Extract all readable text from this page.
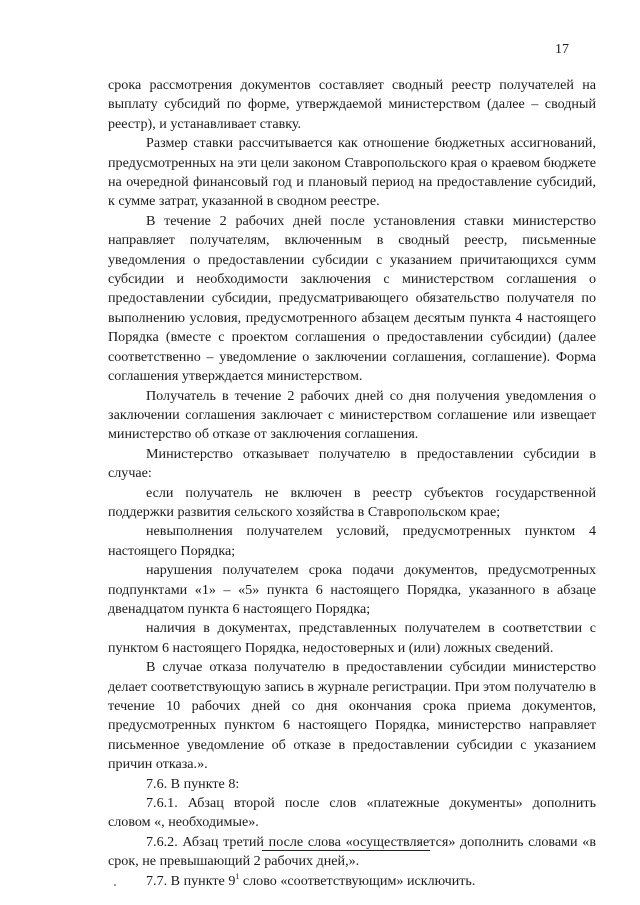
17

срока рассмотрения документов составляет сводный реестр получателей на выплату субсидий по форме, утверждаемой министерством (далее – сводный реестр), и устанавливает ставку.

Размер ставки рассчитывается как отношение бюджетных ассигнований, предусмотренных на эти цели законом Ставропольского края о краевом бюджете на очередной финансовый год и плановый период на предоставление субсидий, к сумме затрат, указанной в сводном реестре.

В течение 2 рабочих дней после установления ставки министерство направляет получателям, включенным в сводный реестр, письменные уведомления о предоставлении субсидии с указанием причитающихся сумм субсидии и необходимости заключения с министерством соглашения о предоставлении субсидии, предусматривающего обязательство получателя по выполнению условия, предусмотренного абзацем десятым пункта 4 настоящего Порядка (вместе с проектом соглашения о предоставлении субсидии) (далее соответственно – уведомление о заключении соглашения, соглашение). Форма соглашения утверждается министерством.

Получатель в течение 2 рабочих дней со дня получения уведомления о заключении соглашения заключает с министерством соглашение или извещает министерство об отказе от заключения соглашения.

Министерство отказывает получателю в предоставлении субсидии в случае:

если получатель не включен в реестр субъектов государственной поддержки развития сельского хозяйства в Ставропольском крае;

невыполнения получателем условий, предусмотренных пунктом 4 настоящего Порядка;

нарушения получателем срока подачи документов, предусмотренных подпунктами «1» – «5» пункта 6 настоящего Порядка, указанного в абзаце двенадцатом пункта 6 настоящего Порядка;

наличия в документах, представленных получателем в соответствии с пунктом 6 настоящего Порядка, недостоверных и (или) ложных сведений.

В случае отказа получателю в предоставлении субсидии министерство делает соответствующую запись в журнале регистрации. При этом получателю в течение 10 рабочих дней со дня окончания срока приема документов, предусмотренных пунктом 6 настоящего Порядка, министерство направляет письменное уведомление об отказе в предоставлении субсидии с указанием причин отказа.».

7.6. В пункте 8:

7.6.1. Абзац второй после слов «платежные документы» дополнить словом «, необходимые».

7.6.2. Абзац третий после слова «осуществляется» дополнить словами «в срок, не превышающий 2 рабочих дней,».

7.7. В пункте $9^1$ слово «соответствующим» исключить.
